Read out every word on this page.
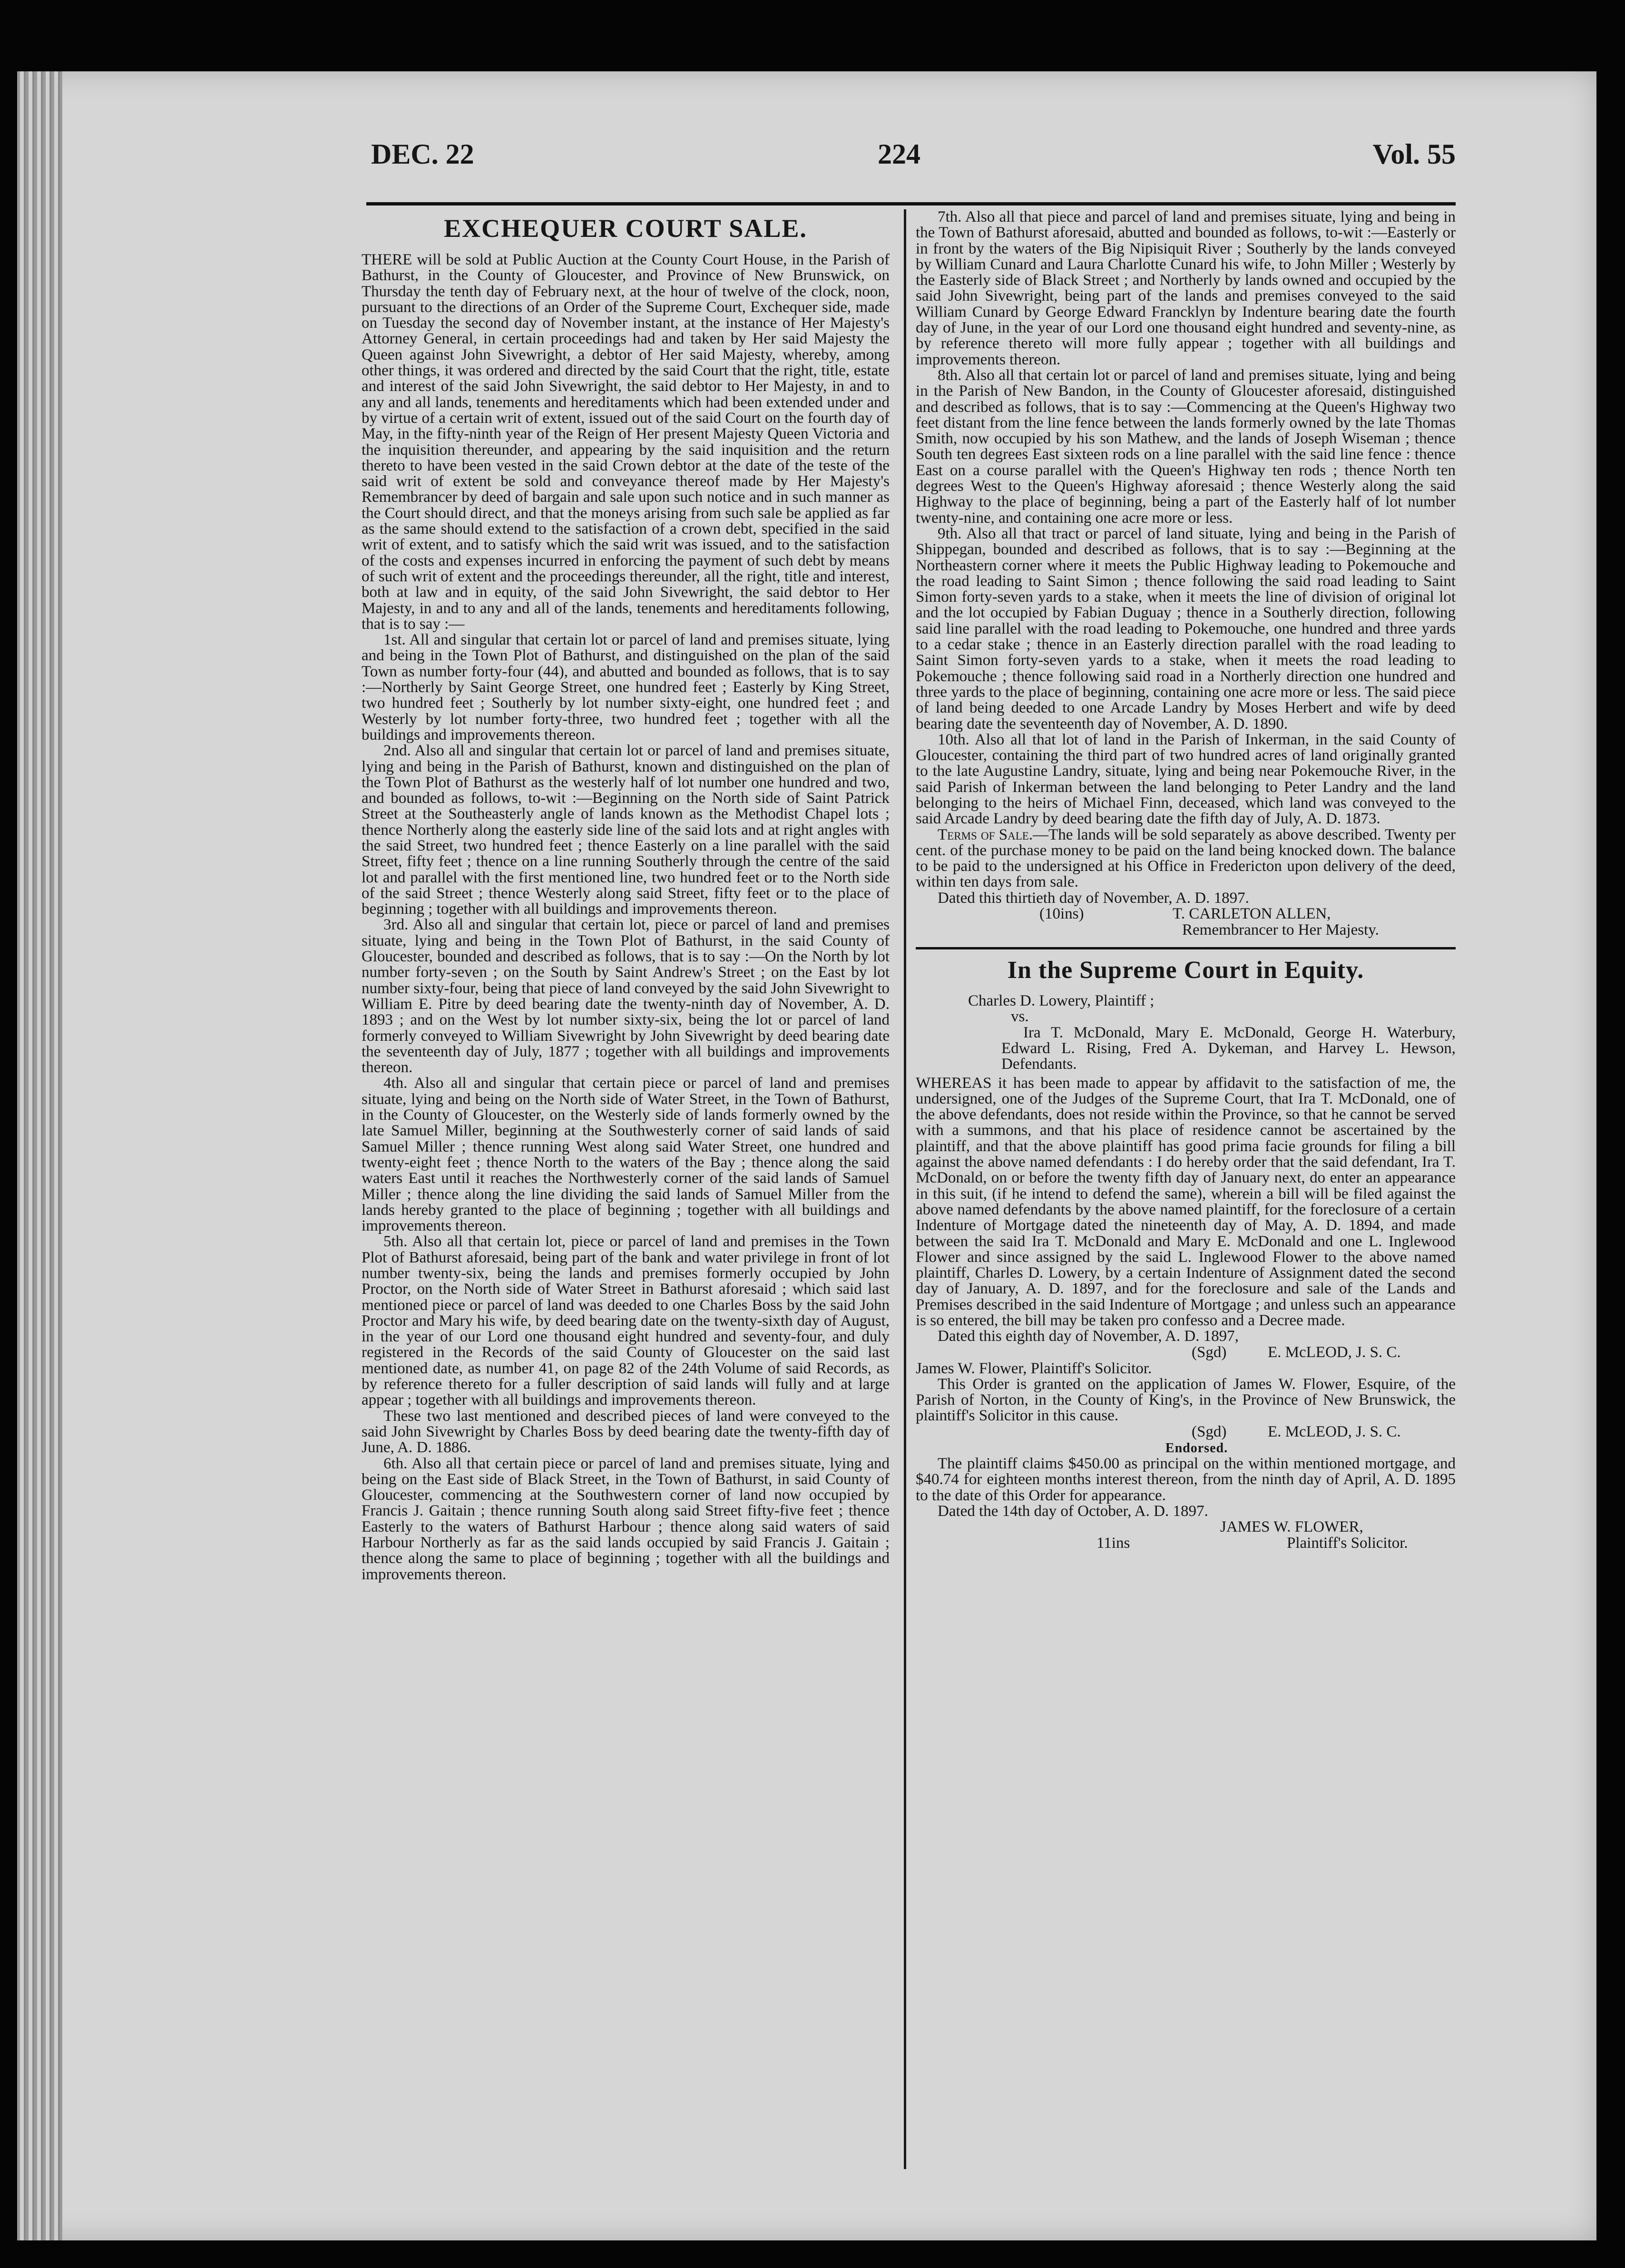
DEC. 22	224	Vol. 55
EXCHEQUER COURT SALE.

THERE will be sold at Public Auction at the County Court House, in the Parish of Bathurst, in the County of Gloucester, and Province of New Brunswick, on Thursday the tenth day of February next, at the hour of twelve of the clock, noon, pursuant to the directions of an Order of the Supreme Court, Exchequer side, made on Tuesday the second day of November instant, at the instance of Her Majesty's Attorney General, in certain proceedings had and taken by Her said Majesty the Queen against John Sivewright, a debtor of Her said Majesty, whereby, among other things, it was ordered and directed by the said Court that the right, title, estate and interest of the said John Sivewright, the said debtor to Her Majesty, in and to any and all lands, tenements and hereditaments which had been extended under and by virtue of a certain writ of extent, issued out of the said Court on the fourth day of May, in the fifty-ninth year of the Reign of Her present Majesty Queen Victoria and the inquisition thereunder, and appearing by the said inquisition and the return thereto to have been vested in the said Crown debtor at the date of the teste of the said writ of extent be sold and conveyance thereof made by Her Majesty's Remembrancer by deed of bargain and sale upon such notice and in such manner as the Court should direct, and that the moneys arising from such sale be applied as far as the same should extend to the satisfaction of a crown debt, specified in the said writ of extent, and to satisfy which the said writ was issued, and to the satisfaction of the costs and expenses incurred in enforcing the payment of such debt by means of such writ of extent and the proceedings thereunder, all the right, title and interest, both at law and in equity, of the said John Sivewright, the said debtor to Her Majesty, in and to any and all of the lands, tenements and hereditaments following, that is to say :—

1st. All and singular that certain lot or parcel of land and premises situate, lying and being in the Town Plot of Bathurst, and distinguished on the plan of the said Town as number forty-four (44), and abutted and bounded as follows, that is to say :—Northerly by Saint George Street, one hundred feet ; Easterly by King Street, two hundred feet ; Southerly by lot number sixty-eight, one hundred feet ; and Westerly by lot number forty-three, two hundred feet ; together with all the buildings and improvements thereon.

2nd. Also all and singular that certain lot or parcel of land and premises situate, lying and being in the Parish of Bathurst, known and distinguished on the plan of the Town Plot of Bathurst as the westerly half of lot number one hundred and two, and bounded as follows, to-wit :—Beginning on the North side of Saint Patrick Street at the Southeasterly angle of lands known as the Methodist Chapel lots ; thence Northerly along the easterly side line of the said lots and at right angles with the said Street, two hundred feet ; thence Easterly on a line parallel with the said Street, fifty feet ; thence on a line running Southerly through the centre of the said lot and parallel with the first mentioned line, two hundred feet or to the North side of the said Street ; thence Westerly along said Street, fifty feet or to the place of beginning ; together with all buildings and improvements thereon.

3rd. Also all and singular that certain lot, piece or parcel of land and premises situate, lying and being in the Town Plot of Bathurst, in the said County of Gloucester, bounded and described as follows, that is to say :—On the North by lot number forty-seven ; on the South by Saint Andrew's Street ; on the East by lot number sixty-four, being that piece of land conveyed by the said John Sivewright to William E. Pitre by deed bearing date the twenty-ninth day of November, A. D. 1893 ; and on the West by lot number sixty-six, being the lot or parcel of land formerly conveyed to William Sivewright by John Sivewright by deed bearing date the seventeenth day of July, 1877 ; together with all buildings and improvements thereon.

4th. Also all and singular that certain piece or parcel of land and premises situate, lying and being on the North side of Water Street, in the Town of Bathurst, in the County of Gloucester, on the Westerly side of lands formerly owned by the late Samuel Miller, beginning at the Southwesterly corner of said lands of said Samuel Miller ; thence running West along said Water Street, one hundred and twenty-eight feet ; thence North to the waters of the Bay ; thence along the said waters East until it reaches the Northwesterly corner of the said lands of Samuel Miller ; thence along the line dividing the said lands of Samuel Miller from the lands hereby granted to the place of beginning ; together with all buildings and improvements thereon.

5th. Also all that certain lot, piece or parcel of land and premises in the Town Plot of Bathurst aforesaid, being part of the bank and water privilege in front of lot number twenty-six, being the lands and premises formerly occupied by John Proctor, on the North side of Water Street in Bathurst aforesaid ; which said last mentioned piece or parcel of land was deeded to one Charles Boss by the said John Proctor and Mary his wife, by deed bearing date on the twenty-sixth day of August, in the year of our Lord one thousand eight hundred and seventy-four, and duly registered in the Records of the said County of Gloucester on the said last mentioned date, as number 41, on page 82 of the 24th Volume of said Records, as by reference thereto for a fuller description of said lands will fully and at large appear ; together with all buildings and improvements thereon.

These two last mentioned and described pieces of land were conveyed to the said John Sivewright by Charles Boss by deed bearing date the twenty-fifth day of June, A. D. 1886.

6th. Also all that certain piece or parcel of land and premises situate, lying and being on the East side of Black Street, in the Town of Bathurst, in said County of Gloucester, commencing at the Southwestern corner of land now occupied by Francis J. Gaitain ; thence running South along said Street fifty-five feet ; thence Easterly to the waters of Bathurst Harbour ; thence along said waters of said Harbour Northerly as far as the said lands occupied by said Francis J. Gaitain ; thence along the same to place of beginning ; together with all the buildings and improvements thereon.

7th. Also all that piece and parcel of land and premises situate, lying and being in the Town of Bathurst aforesaid, abutted and bounded as follows, to-wit :—Easterly or in front by the waters of the Big Nipisiquit River ; Southerly by the lands conveyed by William Cunard and Laura Charlotte Cunard his wife, to John Miller ; Westerly by the Easterly side of Black Street ; and Northerly by lands owned and occupied by the said John Sivewright, being part of the lands and premises conveyed to the said William Cunard by George Edward Francklyn by Indenture bearing date the fourth day of June, in the year of our Lord one thousand eight hundred and seventy-nine, as by reference thereto will more fully appear ; together with all buildings and improvements thereon.

8th. Also all that certain lot or parcel of land and premises situate, lying and being in the Parish of New Bandon, in the County of Gloucester aforesaid, distinguished and described as follows, that is to say :—Commencing at the Queen's Highway two feet distant from the line fence between the lands formerly owned by the late Thomas Smith, now occupied by his son Mathew, and the lands of Joseph Wiseman ; thence South ten degrees East sixteen rods on a line parallel with the said line fence : thence East on a course parallel with the Queen's Highway ten rods ; thence North ten degrees West to the Queen's Highway aforesaid ; thence Westerly along the said Highway to the place of beginning, being a part of the Easterly half of lot number twenty-nine, and containing one acre more or less.

9th. Also all that tract or parcel of land situate, lying and being in the Parish of Shippegan, bounded and described as follows, that is to say :—Beginning at the Northeastern corner where it meets the Public Highway leading to Pokemouche and the road leading to Saint Simon ; thence following the said road leading to Saint Simon forty-seven yards to a stake, when it meets the line of division of original lot and the lot occupied by Fabian Duguay ; thence in a Southerly direction, following said line parallel with the road leading to Pokemouche, one hundred and three yards to a cedar stake ; thence in an Easterly direction parallel with the road leading to Saint Simon forty-seven yards to a stake, when it meets the road leading to Pokemouche ; thence following said road in a Northerly direction one hundred and three yards to the place of beginning, containing one acre more or less. The said piece of land being deeded to one Arcade Landry by Moses Herbert and wife by deed bearing date the seventeenth day of November, A. D. 1890.

10th. Also all that lot of land in the Parish of Inkerman, in the said County of Gloucester, containing the third part of two hundred acres of land originally granted to the late Augustine Landry, situate, lying and being near Pokemouche River, in the said Parish of Inkerman between the land belonging to Peter Landry and the land belonging to the heirs of Michael Finn, deceased, which land was conveyed to the said Arcade Landry by deed bearing date the fifth day of July, A. D. 1873.

Terms of Sale.—The lands will be sold separately as above described. Twenty per cent. of the purchase money to be paid on the land being knocked down. The balance to be paid to the undersigned at his Office in Fredericton upon delivery of the deed, within ten days from sale.

Dated this thirtieth day of November, A. D. 1897.

(10ins)	T. CARLETON ALLEN,
Remembrancer to Her Majesty.
In the Supreme Court in Equity.

Charles D. Lowery, Plaintiff ;

vs.

Ira T. McDonald, Mary E. McDonald, George H. Waterbury, Edward L. Rising, Fred A. Dykeman, and Harvey L. Hewson, Defendants.

WHEREAS it has been made to appear by affidavit to the satisfaction of me, the undersigned, one of the Judges of the Supreme Court, that Ira T. McDonald, one of the above defendants, does not reside within the Province, so that he cannot be served with a summons, and that his place of residence cannot be ascertained by the plaintiff, and that the above plaintiff has good prima facie grounds for filing a bill against the above named defendants : I do hereby order that the said defendant, Ira T. McDonald, on or before the twenty fifth day of January next, do enter an appearance in this suit, (if he intend to defend the same), wherein a bill will be filed against the above named defendants by the above named plaintiff, for the foreclosure of a certain Indenture of Mortgage dated the nineteenth day of May, A. D. 1894, and made between the said Ira T. McDonald and Mary E. McDonald and one L. Inglewood Flower and since assigned by the said L. Inglewood Flower to the above named plaintiff, Charles D. Lowery, by a certain Indenture of Assignment dated the second day of January, A. D. 1897, and for the foreclosure and sale of the Lands and Premises described in the said Indenture of Mortgage ; and unless such an appearance is so entered, the bill may be taken pro confesso and a Decree made.

Dated this eighth day of November, A. D. 1897,

(Sgd)	E. McLEOD, J. S. C.

James W. Flower, Plaintiff's Solicitor.

This Order is granted on the application of James W. Flower, Esquire, of the Parish of Norton, in the County of King's, in the Province of New Brunswick, the plaintiff's Solicitor in this cause.

(Sgd)	E. McLEOD, J. S. C.

Endorsed.

The plaintiff claims $450.00 as principal on the within mentioned mortgage, and $40.74 for eighteen months interest thereon, from the ninth day of April, A. D. 1895 to the date of this Order for appearance.

Dated the 14th day of October, A. D. 1897.

JAMES W. FLOWER,
11ins	Plaintiff's Solicitor.
